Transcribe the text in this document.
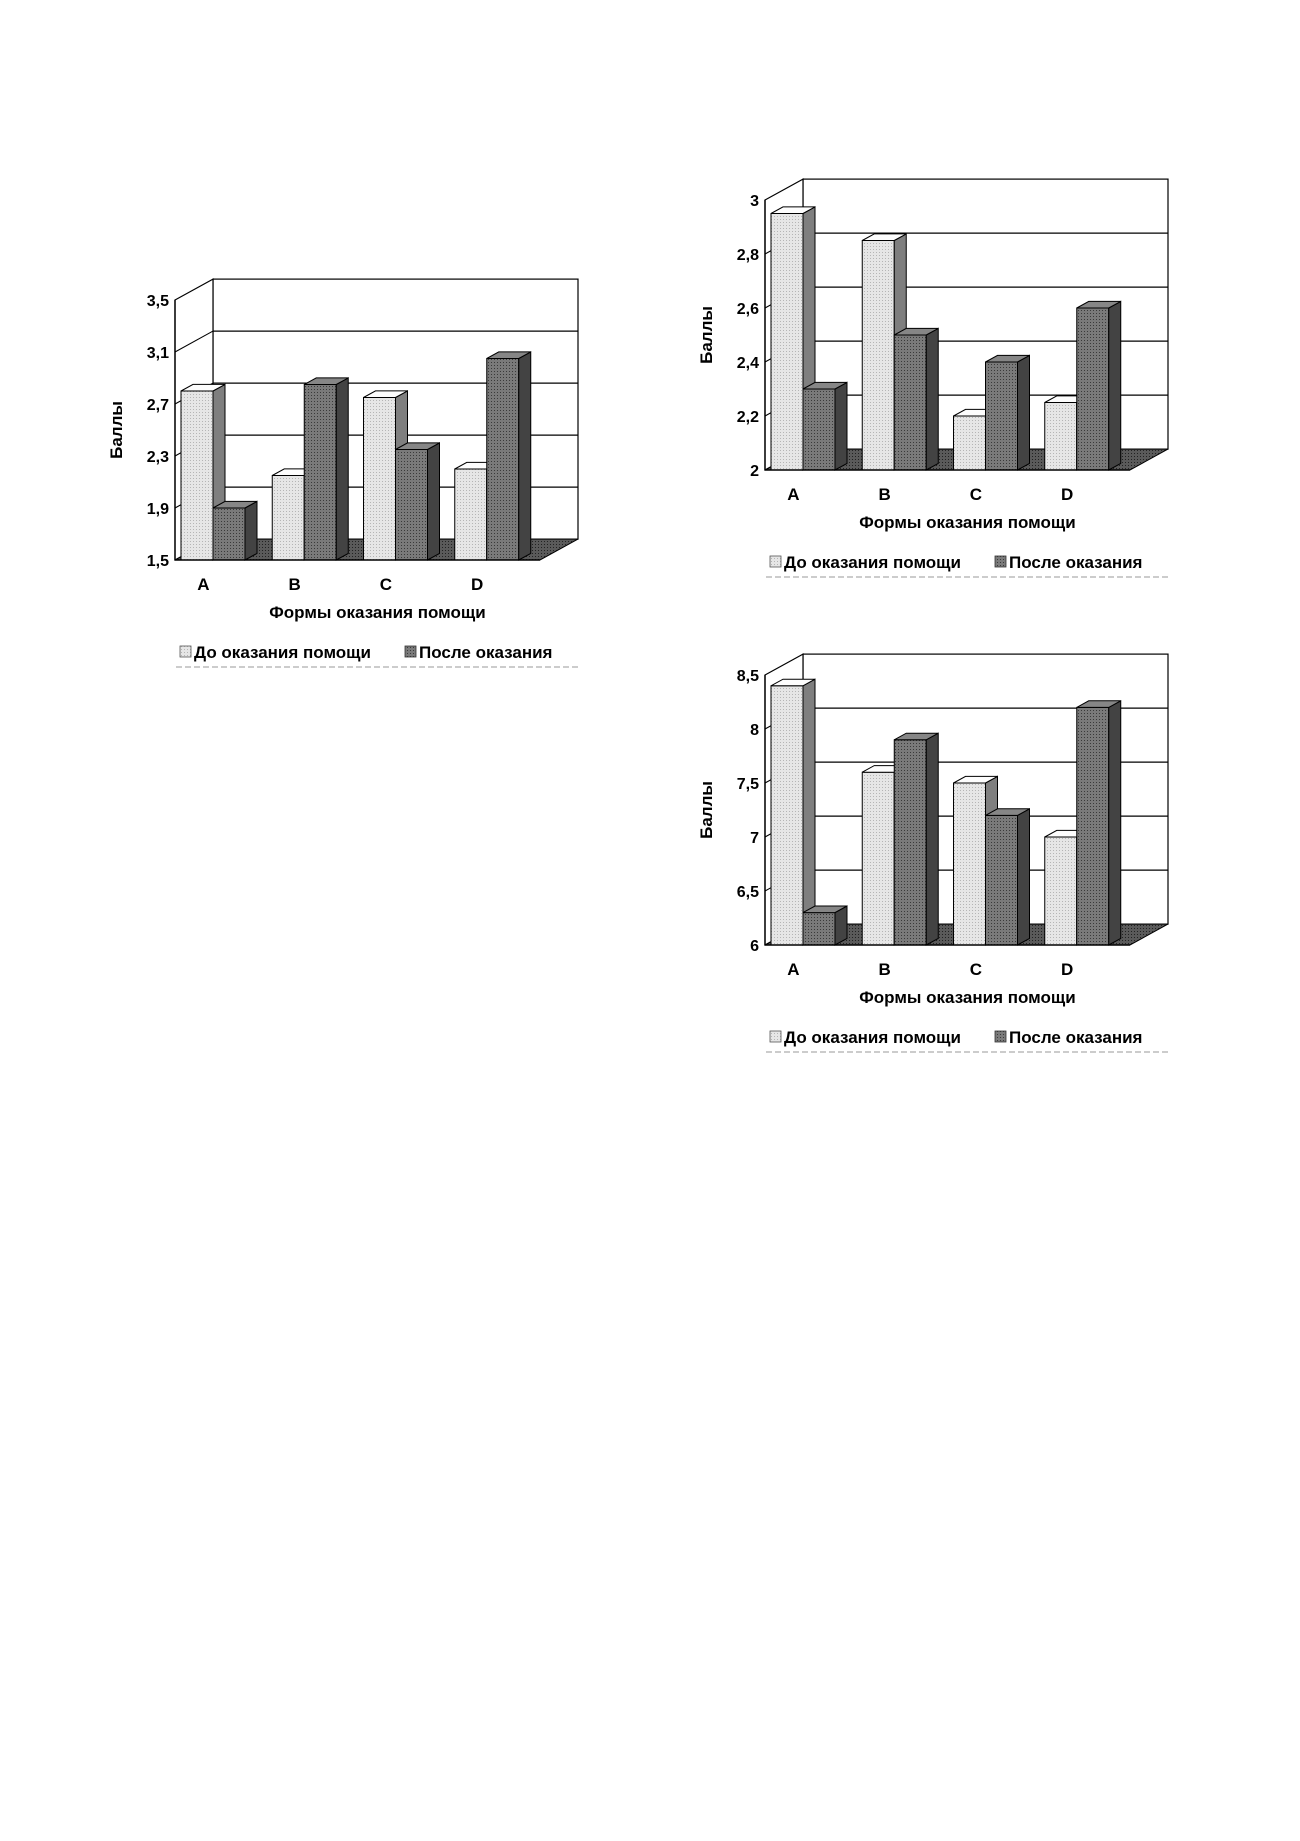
1,5
1,9
2,3
2,7
3,1
3,5
A	B	C	D
Баллы
Формы оказания помощи
До оказания помощи	После оказания
2
2,2
2,4
2,6
2,8
3
A	B	C	D
Баллы
Формы оказания помощи
До оказания помощи	После оказания
6
6,5
7
7,5
8
8,5
A	B	C	D
Баллы
Формы оказания помощи
До оказания помощи	После оказания
